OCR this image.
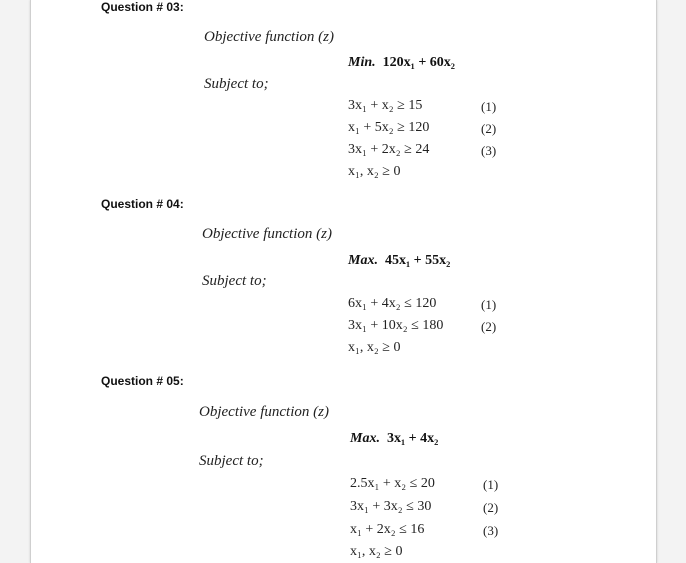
Question # 03:
Objective function (z)
Min. 120x₁ + 60x₂
Subject to;
3x₁ + x₂ ≥ 15	(1)
x₁ + 5x₂ ≥ 120	(2)
3x₁ + 2x₂ ≥ 24	(3)
x₁, x₂ ≥ 0
Question # 04:
Objective function (z)
Max. 45x₁ + 55x₂
Subject to;
6x₁ + 4x₂ ≤ 120	(1)
3x₁ + 10x₂ ≤ 180	(2)
x₁, x₂ ≥ 0
Question # 05:
Objective function (z)
Max. 3x₁ + 4x₂
Subject to;
2.5x₁ + x₂ ≤ 20	(1)
3x₁ + 3x₂ ≤ 30	(2)
x₁ + 2x₂ ≤ 16	(3)
x₁, x₂ ≥ 0
